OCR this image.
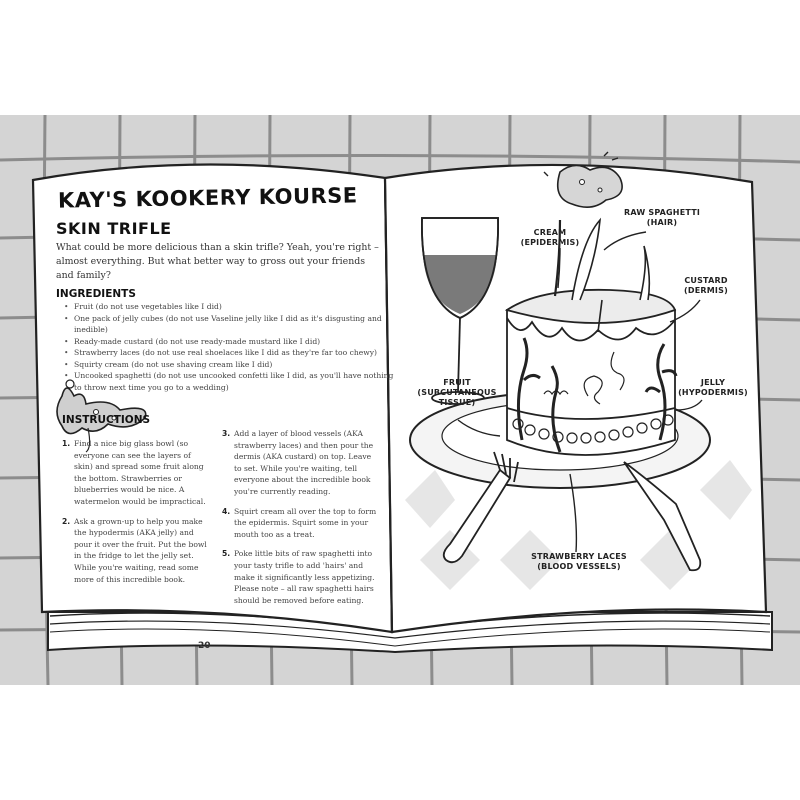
KAY'S KOOKERY KOURSE
SKIN TRIFLE
What could be more delicious than a skin trifle? Yeah, you're right – almost everything. But what better way to gross out your friends and family?
INGREDIENTS
• Fruit (do not use vegetables like I did)
• One pack of jelly cubes (do not use Vaseline jelly like I did as it's disgusting and inedible)
• Ready-made custard (do not use ready-made mustard like I did)
• Strawberry laces (do not use real shoelaces like I did as they're far too chewy)
• Squirty cream (do not use shaving cream like I did)
• Uncooked spaghetti (do not use uncooked confetti like I did, as you'll have nothing to throw next time you go to a wedding)
INSTRUCTIONS
1. Find a nice big glass bowl (so everyone can see the layers of skin) and spread some fruit along the bottom. Strawberries or blueberries would be nice. A watermelon would be impractical.
2. Ask a grown-up to help you make the hypodermis (AKA jelly) and pour it over the fruit. Put the bowl in the fridge to let the jelly set. While you're waiting, read some more of this incredible book.
3. Add a layer of blood vessels (AKA strawberry laces) and then pour the dermis (AKA custard) on top. Leave to set. While you're waiting, tell everyone about the incredible book you're currently reading.
4. Squirt cream all over the top to form the epidermis. Squirt some in your mouth too as a treat.
5. Poke little bits of raw spaghetti into your tasty trifle to add 'hairs' and make it significantly less appetizing. Please note – all raw spaghetti hairs should be removed before eating.
20
CREAM
(EPIDERMIS)
RAW SPAGHETTI
(HAIR)
CUSTARD
(DERMIS)
JELLY
(HYPODERMIS)
FRUIT
(SUBCUTANEOUS
TISSUE)
STRAWBERRY LACES
(BLOOD VESSELS)
